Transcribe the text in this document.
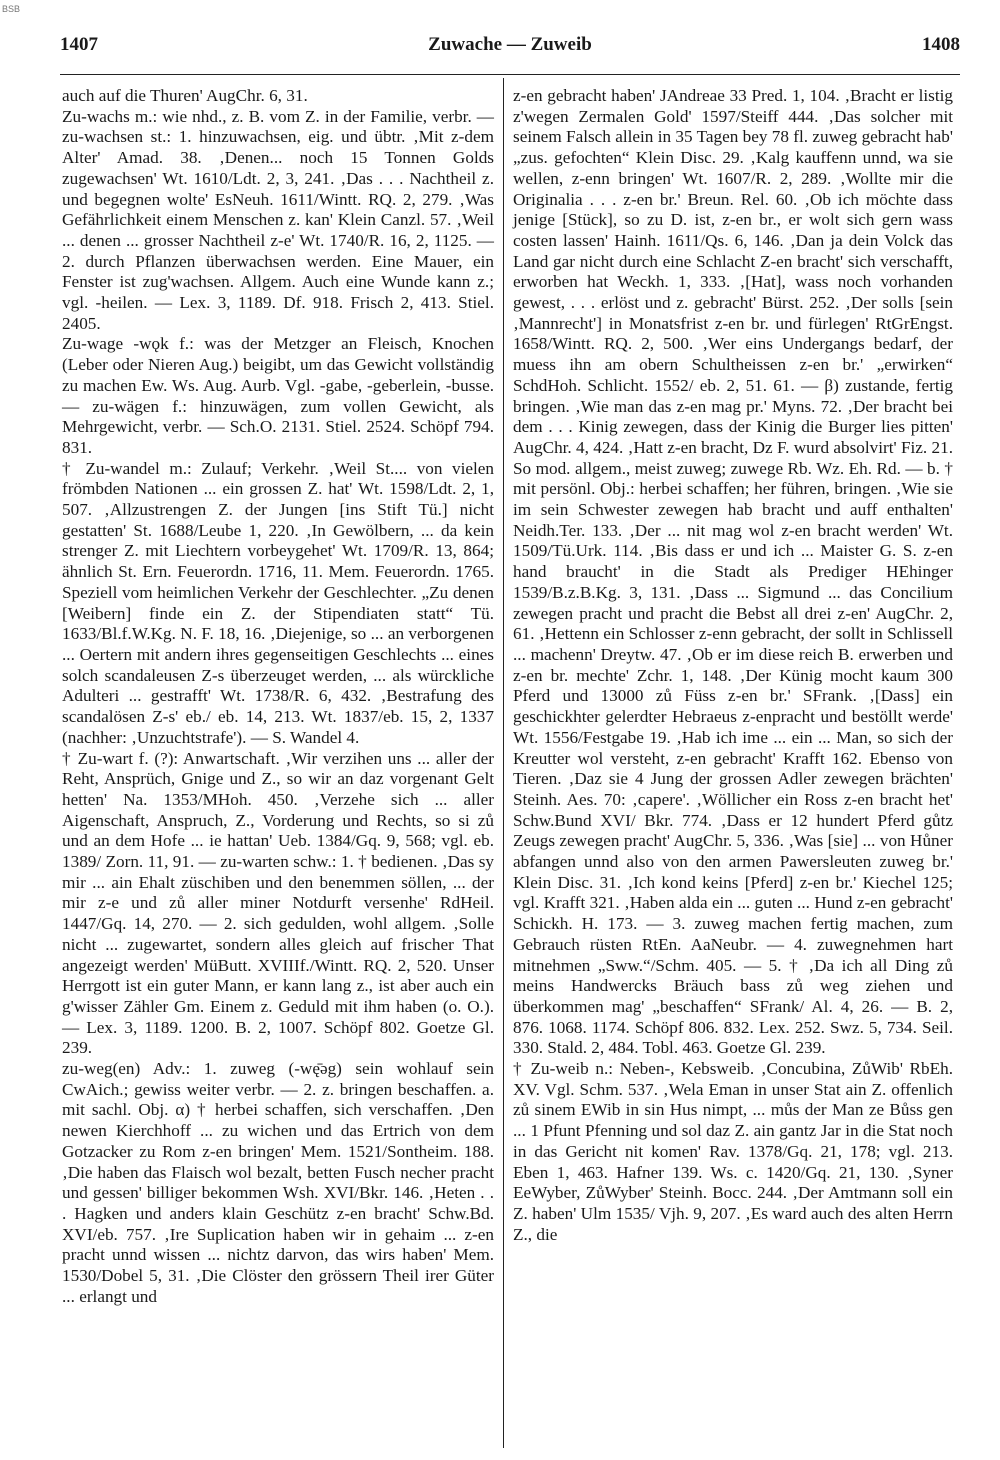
BSB
1407	Zuwache — Zuweib	1408

auch auf die Thuren' AugChr. 6, 31.

Zu-wachs m.: wie nhd., z. B. vom Z. in der Familie, verbr. — zu-wachsen st.: 1. hinzuwachsen, eig. und übtr. ‚Mit z-dem Alter' Amad. 38. ‚Denen... noch 15 Tonnen Golds zugewachsen' Wt. 1610/Ldt. 2, 3, 241. ‚Das . . . Nachtheil z. und begegnen wolte' EsNeuh. 1611/Wintt. RQ. 2, 279. ‚Was Gefährlichkeit einem Menschen z. kan' Klein Canzl. 57. ‚Weil ... denen ... grosser Nachtheil z-e' Wt. 1740/R. 16, 2, 1125. — 2. durch Pflanzen überwachsen werden. Eine Mauer, ein Fenster ist zug'wachsen. Allgem. Auch eine Wunde kann z.; vgl. -heilen. — Lex. 3, 1189. Df. 918. Frisch 2, 413. Stiel. 2405.

Zu-wage -wǫk f.: was der Metzger an Fleisch, Knochen (Leber oder Nieren Aug.) beigibt, um das Gewicht vollständig zu machen Ew. Ws. Aug. Aurb. Vgl. -gabe, -geberlein, -busse. — zu-wägen f.: hinzuwägen, zum vollen Gewicht, als Mehrgewicht, verbr. — Sch.O. 2131. Stiel. 2524. Schöpf 794. 831.

† Zu-wandel m.: Zulauf; Verkehr. ‚Weil St.... von vielen frömbden Nationen ... ein grossen Z. hat' Wt. 1598/Ldt. 2, 1, 507. ‚Allzustrengen Z. der Jungen [ins Stift Tü.] nicht gestatten' St. 1688/Leube 1, 220. ‚In Gewölbern, ... da kein strenger Z. mit Liechtern vorbeygehet' Wt. 1709/R. 13, 864; ähnlich St. Ern. Feuerordn. 1716, 11. Mem. Feuerordn. 1765. Speziell vom heimlichen Verkehr der Geschlechter. „Zu denen [Weibern] finde ein Z. der Stipendiaten statt“ Tü. 1633/Bl.f.W.Kg. N. F. 18, 16. ‚Diejenige, so ... an verborgenen ... Oertern mit andern ihres gegenseitigen Geschlechts ... eines solch scandaleusen Z-s überzeuget werden, ... als würckliche Adulteri ... gestrafft' Wt. 1738/R. 6, 432. ‚Bestrafung des scandalösen Z-s' eb./ eb. 14, 213. Wt. 1837/eb. 15, 2, 1337 (nachher: ‚Unzuchtstrafe'). — S. Wandel 4.

† Zu-wart f. (?): Anwartschaft. ‚Wir verzihen uns ... aller der Reht, Ansprüch, Gnige und Z., so wir an daz vorgenant Gelt hetten' Na. 1353/MHoh. 450. ‚Verzehe sich ... aller Aigenschaft, Anspruch, Z., Vorderung und Rechts, so si zů und an dem Hofe ... ie hattan' Ueb. 1384/Gq. 9, 568; vgl. eb. 1389/ Zorn. 11, 91. — zu-warten schw.: 1. † bedienen. ‚Das sy mir ... ain Ehalt züschiben und den benemmen söllen, ... der mir z-e und zů aller miner Notdurft versenhe' RdHeil. 1447/Gq. 14, 270. — 2. sich gedulden, wohl allgem. ‚Solle nicht ... zugewartet, sondern alles gleich auf frischer That angezeigt werden' MüButt. XVIIIf./Wintt. RQ. 2, 520. Unser Herrgott ist ein guter Mann, er kann lang z., ist aber auch ein g'wisser Zähler Gm. Einem z. Geduld mit ihm haben (o. O.). — Lex. 3, 1189. 1200. B. 2, 1007. Schöpf 802. Goetze Gl. 239.

zu-weg(en) Adv.: 1. zuweg (-wę̄əg) sein wohlauf sein CwAich.; gewiss weiter verbr. — 2. z. bringen beschaffen. a. mit sachl. Obj. α) † herbei schaffen, sich verschaffen. ‚Den newen Kierchhoff ... zu wichen und das Ertrich von dem Gotzacker zu Rom z-en bringen' Mem. 1521/Sontheim. 188. ‚Die haben das Flaisch wol bezalt, betten Fusch necher pracht und gessen' billiger bekommen Wsh. XVI/Bkr. 146. ‚Heten . . . Hagken und anders klain Geschütz z-en bracht' Schw.Bd. XVI/eb. 757. ‚Ire Suplication haben wir in gehaim ... z-en pracht unnd wissen ... nichtz darvon, das wirs haben' Mem. 1530/Dobel 5, 31. ‚Die Clöster den grössern Theil irer Güter ... erlangt und

z-en gebracht haben' JAndreae 33 Pred. 1, 104. ‚Bracht er listig z'wegen Zermalen Gold' 1597/Steiff 444. ‚Das solcher mit seinem Falsch allein in 35 Tagen bey 78 fl. zuweg gebracht hab' „zus. gefochten“ Klein Disc. 29. ‚Kalg kauffenn unnd, wa sie wellen, z-enn bringen' Wt. 1607/R. 2, 289. ‚Wollte mir die Originalia . . . z-en br.' Breun. Rel. 60. ‚Ob ich möchte dass jenige [Stück], so zu D. ist, z-en br., er wolt sich gern wass costen lassen' Hainh. 1611/Qs. 6, 146. ‚Dan ja dein Volck das Land gar nicht durch eine Schlacht Z-en bracht' sich verschafft, erworben hat Weckh. 1, 333. ‚[Hat], wass noch vorhanden gewest, . . . erlöst und z. gebracht' Bürst. 252. ‚Der solls [sein ‚Mannrecht'] in Monatsfrist z-en br. und fürlegen' RtGrEngst. 1658/Wintt. RQ. 2, 500. ‚Wer eins Undergangs bedarf, der muess ihn am obern Schultheissen z-en br.' „erwirken“ SchdHoh. Schlicht. 1552/ eb. 2, 51. 61. — β) zustande, fertig bringen. ‚Wie man das z-en mag pr.' Myns. 72. ‚Der bracht bei dem . . . Kinig zewegen, dass der Kinig die Burger lies pitten' AugChr. 4, 424. ‚Hatt z-en bracht, Dz F. wurd absolvirt' Fiz. 21. So mod. allgem., meist zuweg; zuwege Rb. Wz. Eh. Rd. — b. † mit persönl. Obj.: herbei schaffen; her führen, bringen. ‚Wie sie im sein Schwester zewegen hab bracht und auff enthalten' Neidh.Ter. 133. ‚Der ... nit mag wol z-en bracht werden' Wt. 1509/Tü.Urk. 114. ‚Bis dass er und ich ... Maister G. S. z-en hand braucht' in die Stadt als Prediger HEhinger 1539/B.z.B.Kg. 3, 131. ‚Dass ... Sigmund ... das Concilium zewegen pracht und pracht die Bebst all drei z-en' AugChr. 2, 61. ‚Hettenn ein Schlosser z-enn gebracht, der sollt in Schlissell ... machenn' Dreytw. 47. ‚Ob er im diese reich B. erwerben und z-en br. mechte' Zchr. 1, 148. ‚Der Künig mocht kaum 300 Pferd und 13000 zů Füss z-en br.' SFrank. ‚[Dass] ein geschickhter gelerdter Hebraeus z-enpracht und bestöllt werde' Wt. 1556/Festgabe 19. ‚Hab ich ime ... ein ... Man, so sich der Kreutter wol versteht, z-en gebracht' Krafft 162. Ebenso von Tieren. ‚Daz sie 4 Jung der grossen Adler zewegen brächten' Steinh. Aes. 70: ‚capere'. ‚Wöllicher ein Ross z-en bracht het' Schw.Bund XVI/ Bkr. 774. ‚Dass er 12 hundert Pferd gůtz Zeugs zewegen pracht' AugChr. 5, 336. ‚Was [sie] ... von Hůner abfangen unnd also von den armen Pawersleuten zuweg br.' Klein Disc. 31. ‚Ich kond keins [Pferd] z-en br.' Kiechel 125; vgl. Krafft 321. ‚Haben alda ein ... guten ... Hund z-en gebracht' Schickh. H. 173. — 3. zuweg machen fertig machen, zum Gebrauch rüsten RtEn. AaNeubr. — 4. zuwegnehmen hart mitnehmen „Sww.“/Schm. 405. — 5. † ‚Da ich all Ding zů meins Handwercks Bräuch bass zů weg ziehen und überkommen mag' „beschaffen“ SFrank/ Al. 4, 26. — B. 2, 876. 1068. 1174. Schöpf 806. 832. Lex. 252. Swz. 5, 734. Seil. 330. Stald. 2, 484. Tobl. 463. Goetze Gl. 239.

† Zu-weib n.: Neben-, Kebsweib. ‚Concubina, ZůWib' RbEh. XV. Vgl. Schm. 537. ‚Wela Eman in unser Stat ain Z. offenlich zů sinem EWib in sin Hus nimpt, ... můs der Man ze Bůss gen ... 1 Pfunt Pfenning und sol daz Z. ain gantz Jar in die Stat noch in das Gericht nit komen' Rav. 1378/Gq. 21, 178; vgl. 213. Eben 1, 463. Hafner 139. Ws. c. 1420/Gq. 21, 130. ‚Syner EeWyber, ZůWyber' Steinh. Bocc. 244. ‚Der Amtmann soll ein Z. haben' Ulm 1535/ Vjh. 9, 207. ‚Es ward auch des alten Herrn Z., die
